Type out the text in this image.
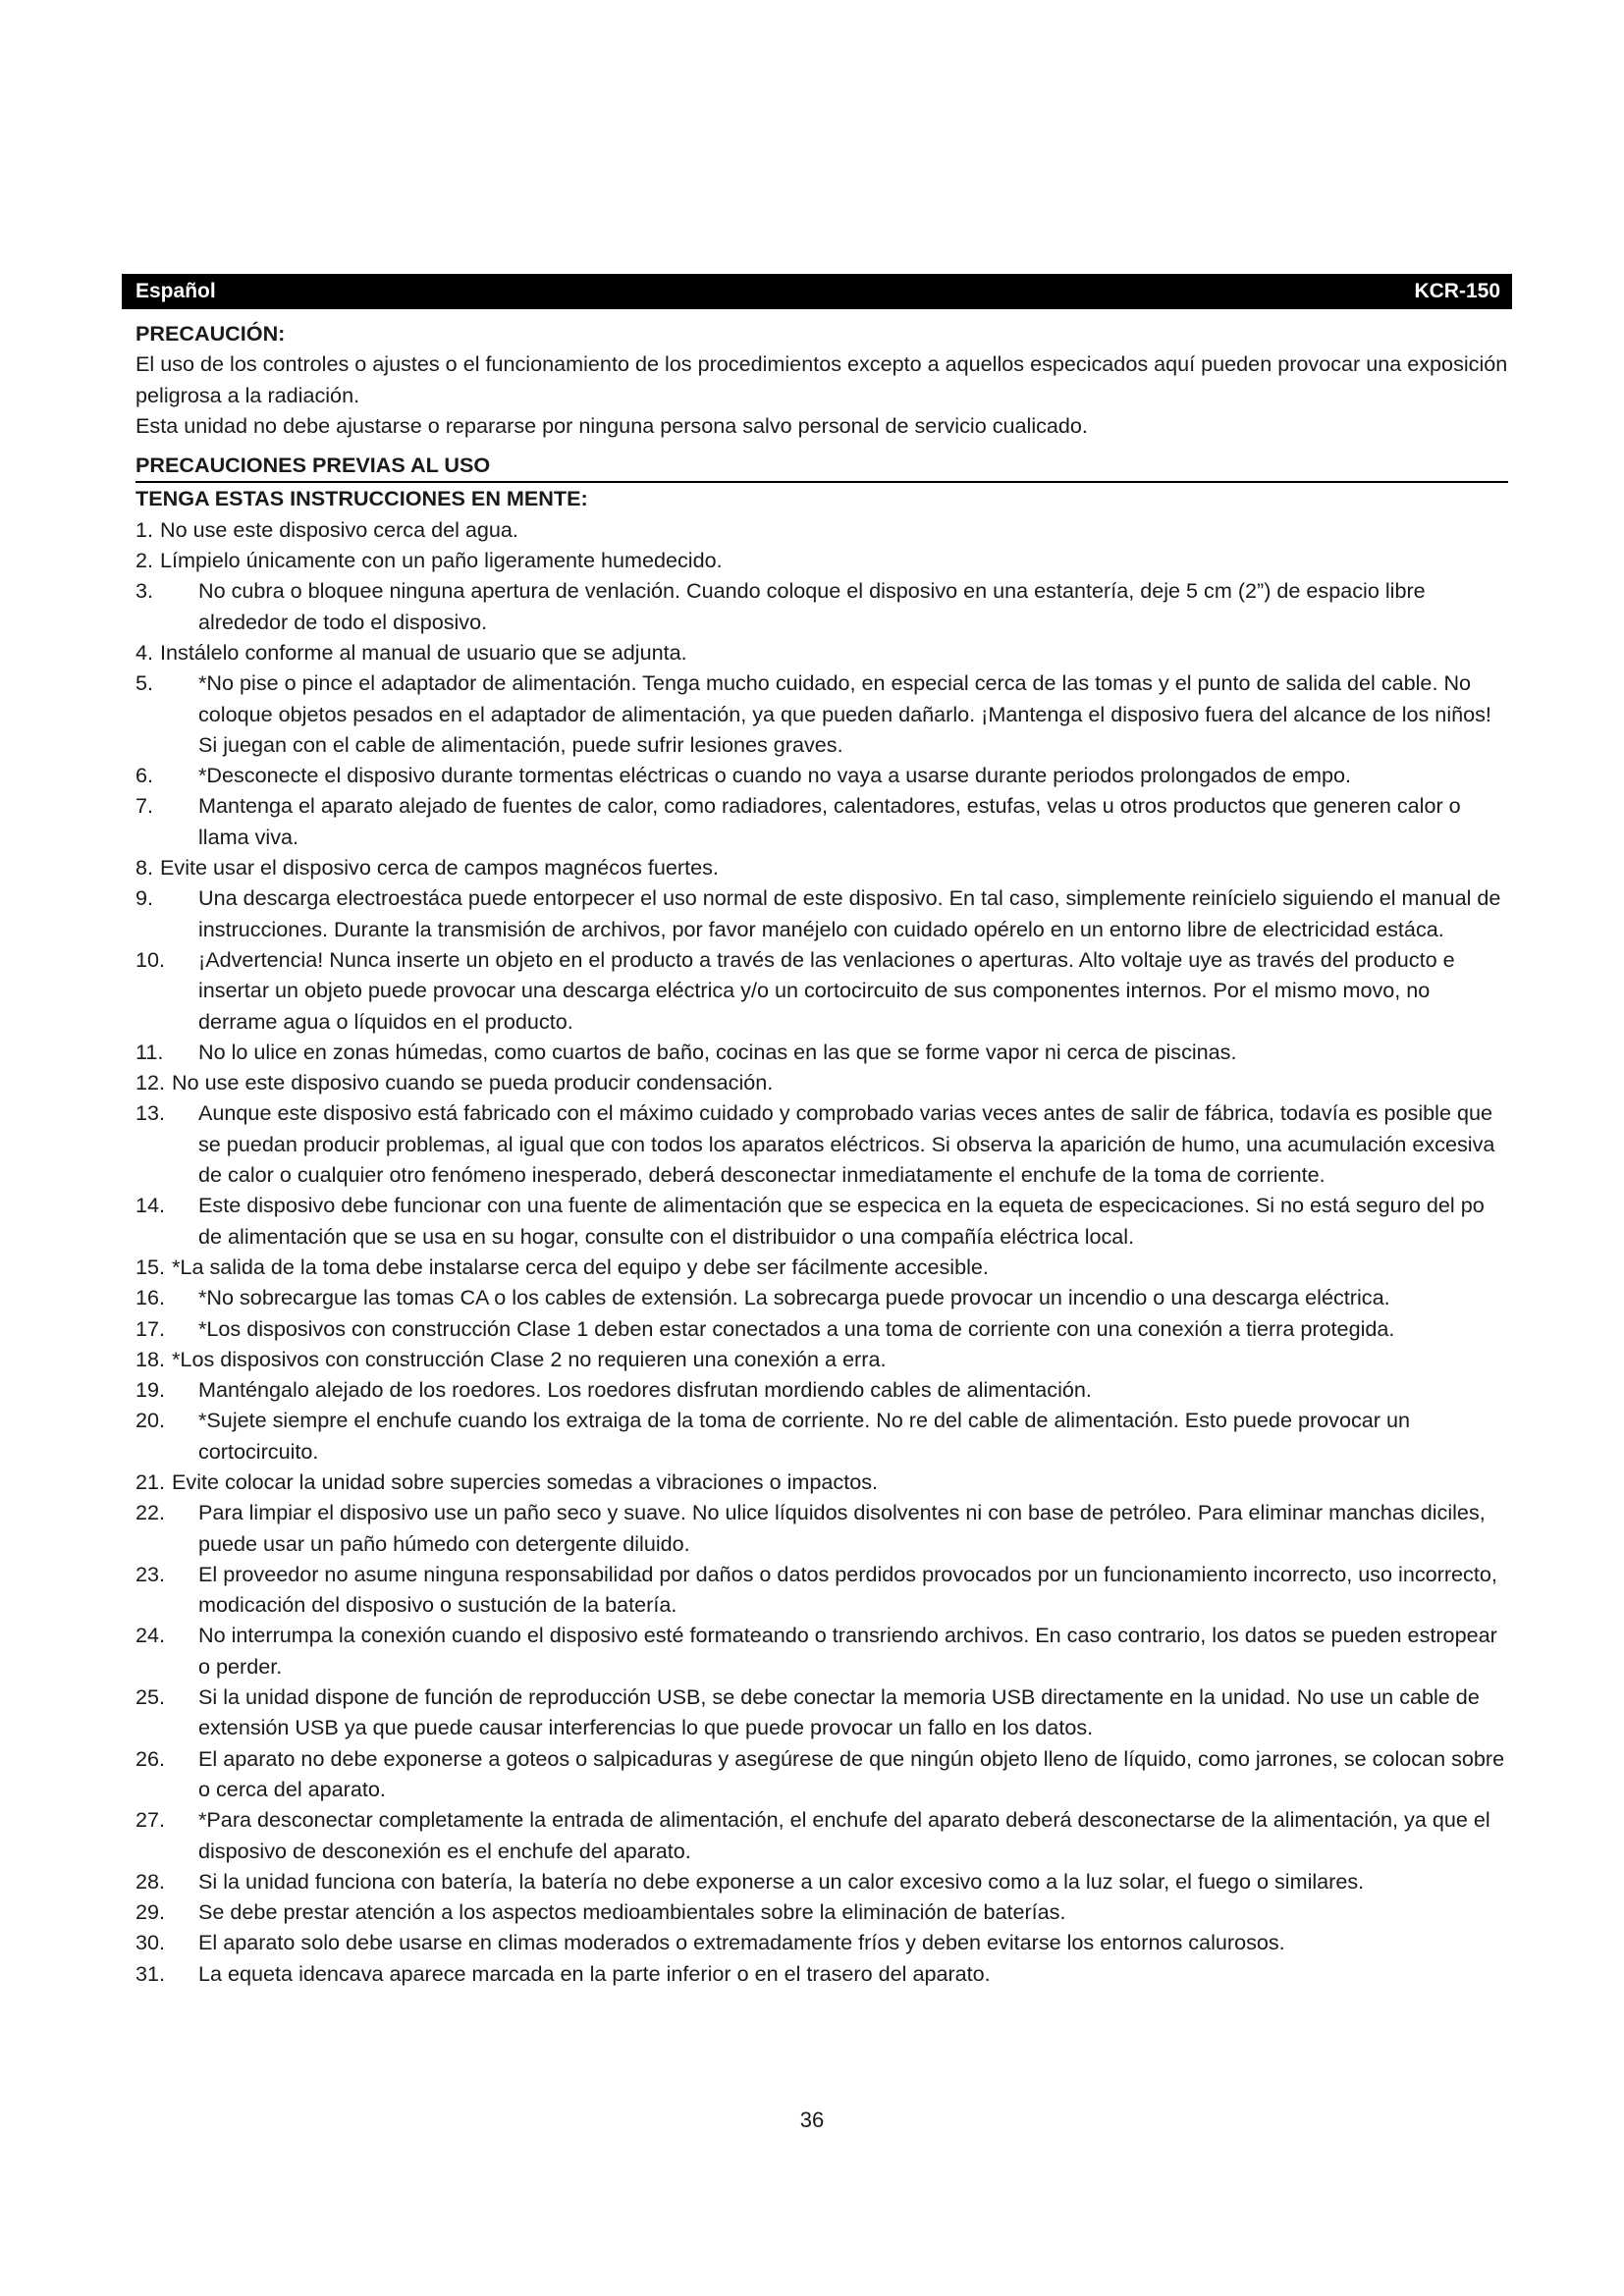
Español	KCR-150

PRECAUCIÓN:

El uso de los controles o ajustes o el funcionamiento de los procedimientos excepto a aquellos especicados aquí pueden provocar una exposición peligrosa a la radiación.

Esta unidad no debe ajustarse o repararse por ninguna persona salvo personal de servicio cualicado.

PRECAUCIONES PREVIAS AL USO

TENGA ESTAS INSTRUCCIONES EN MENTE:

1. No use este disposivo cerca del agua.
2. Límpielo únicamente con un paño ligeramente humedecido.
3.	No cubra o bloquee ninguna apertura de venlación. Cuando coloque el disposivo en una estantería, deje 5 cm (2”) de espacio libre alrededor de todo el disposivo.
4. Instálelo conforme al manual de usuario que se adjunta.
5.	*No pise o pince el adaptador de alimentación. Tenga mucho cuidado, en especial cerca de las tomas y el punto de salida del cable. No coloque objetos pesados en el adaptador de alimentación, ya que pueden dañarlo. ¡Mantenga el disposivo fuera del alcance de los niños! Si juegan con el cable de alimentación, puede sufrir lesiones graves.
6.	*Desconecte el disposivo durante tormentas eléctricas o cuando no vaya a usarse durante periodos prolongados de empo.
7.	Mantenga el aparato alejado de fuentes de calor, como radiadores, calentadores, estufas, velas u otros productos que generen calor o llama viva.
8. Evite usar el disposivo cerca de campos magnécos fuertes.
9.	Una descarga electroestáca puede entorpecer el uso normal de este disposivo. En tal caso, simplemente reinícielo siguiendo el manual de instrucciones. Durante la transmisión de archivos, por favor manéjelo con cuidado opérelo en un entorno libre de electricidad estáca.
10.	¡Advertencia! Nunca inserte un objeto en el producto a través de las venlaciones o aperturas. Alto voltaje uye as través del producto e insertar un objeto puede provocar una descarga eléctrica y/o un cortocircuito de sus componentes internos. Por el mismo movo, no derrame agua o líquidos en el producto.
11.	No lo ulice en zonas húmedas, como cuartos de baño, cocinas en las que se forme vapor ni cerca de piscinas.
12. No use este disposivo cuando se pueda producir condensación.
13.	Aunque este disposivo está fabricado con el máximo cuidado y comprobado varias veces antes de salir de fábrica, todavía es posible que se puedan producir problemas, al igual que con todos los aparatos eléctricos. Si observa la aparición de humo, una acumulación excesiva de calor o cualquier otro fenómeno inesperado, deberá desconectar inmediatamente el enchufe de la toma de corriente.
14.	Este disposivo debe funcionar con una fuente de alimentación que se especica en la equeta de especicaciones. Si no está seguro del po de alimentación que se usa en su hogar, consulte con el distribuidor o una compañía eléctrica local.
15. *La salida de la toma debe instalarse cerca del equipo y debe ser fácilmente accesible.
16.	*No sobrecargue las tomas CA o los cables de extensión. La sobrecarga puede provocar un incendio o una descarga eléctrica.
17.	*Los disposivos con construcción Clase 1 deben estar conectados a una toma de corriente con una conexión a tierra protegida.
18. *Los disposivos con construcción Clase 2 no requieren una conexión a erra.
19.	Manténgalo alejado de los roedores. Los roedores disfrutan mordiendo cables de alimentación.
20.	*Sujete siempre el enchufe cuando los extraiga de la toma de corriente. No re del cable de alimentación. Esto puede provocar un cortocircuito.
21. Evite colocar la unidad sobre supercies somedas a vibraciones o impactos.
22.	Para limpiar el disposivo use un paño seco y suave. No ulice líquidos disolventes ni con base de petróleo. Para eliminar manchas diciles, puede usar un paño húmedo con detergente diluido.
23.	El proveedor no asume ninguna responsabilidad por daños o datos perdidos provocados por un funcionamiento incorrecto, uso incorrecto, modicación del disposivo o sustución de la batería.
24.	No interrumpa la conexión cuando el disposivo esté formateando o transriendo archivos. En caso contrario, los datos se pueden estropear o perder.
25.	Si la unidad dispone de función de reproducción USB, se debe conectar la memoria USB directamente en la unidad. No use un cable de extensión USB ya que puede causar interferencias lo que puede provocar un fallo en los datos.
26.	El aparato no debe exponerse a goteos o salpicaduras y asegúrese de que ningún objeto lleno de líquido, como jarrones, se colocan sobre o cerca del aparato.
27.	*Para desconectar completamente la entrada de alimentación, el enchufe del aparato deberá desconectarse de la alimentación, ya que el disposivo de desconexión es el enchufe del aparato.
28.	Si la unidad funciona con batería, la batería no debe exponerse a un calor excesivo como a la luz solar, el fuego o similares.
29.	Se debe prestar atención a los aspectos medioambientales sobre la eliminación de baterías.
30.	El aparato solo debe usarse en climas moderados o extremadamente fríos y deben evitarse los entornos calurosos.
31.	La equeta idencava aparece marcada en la parte inferior o en el trasero del aparato.
36
